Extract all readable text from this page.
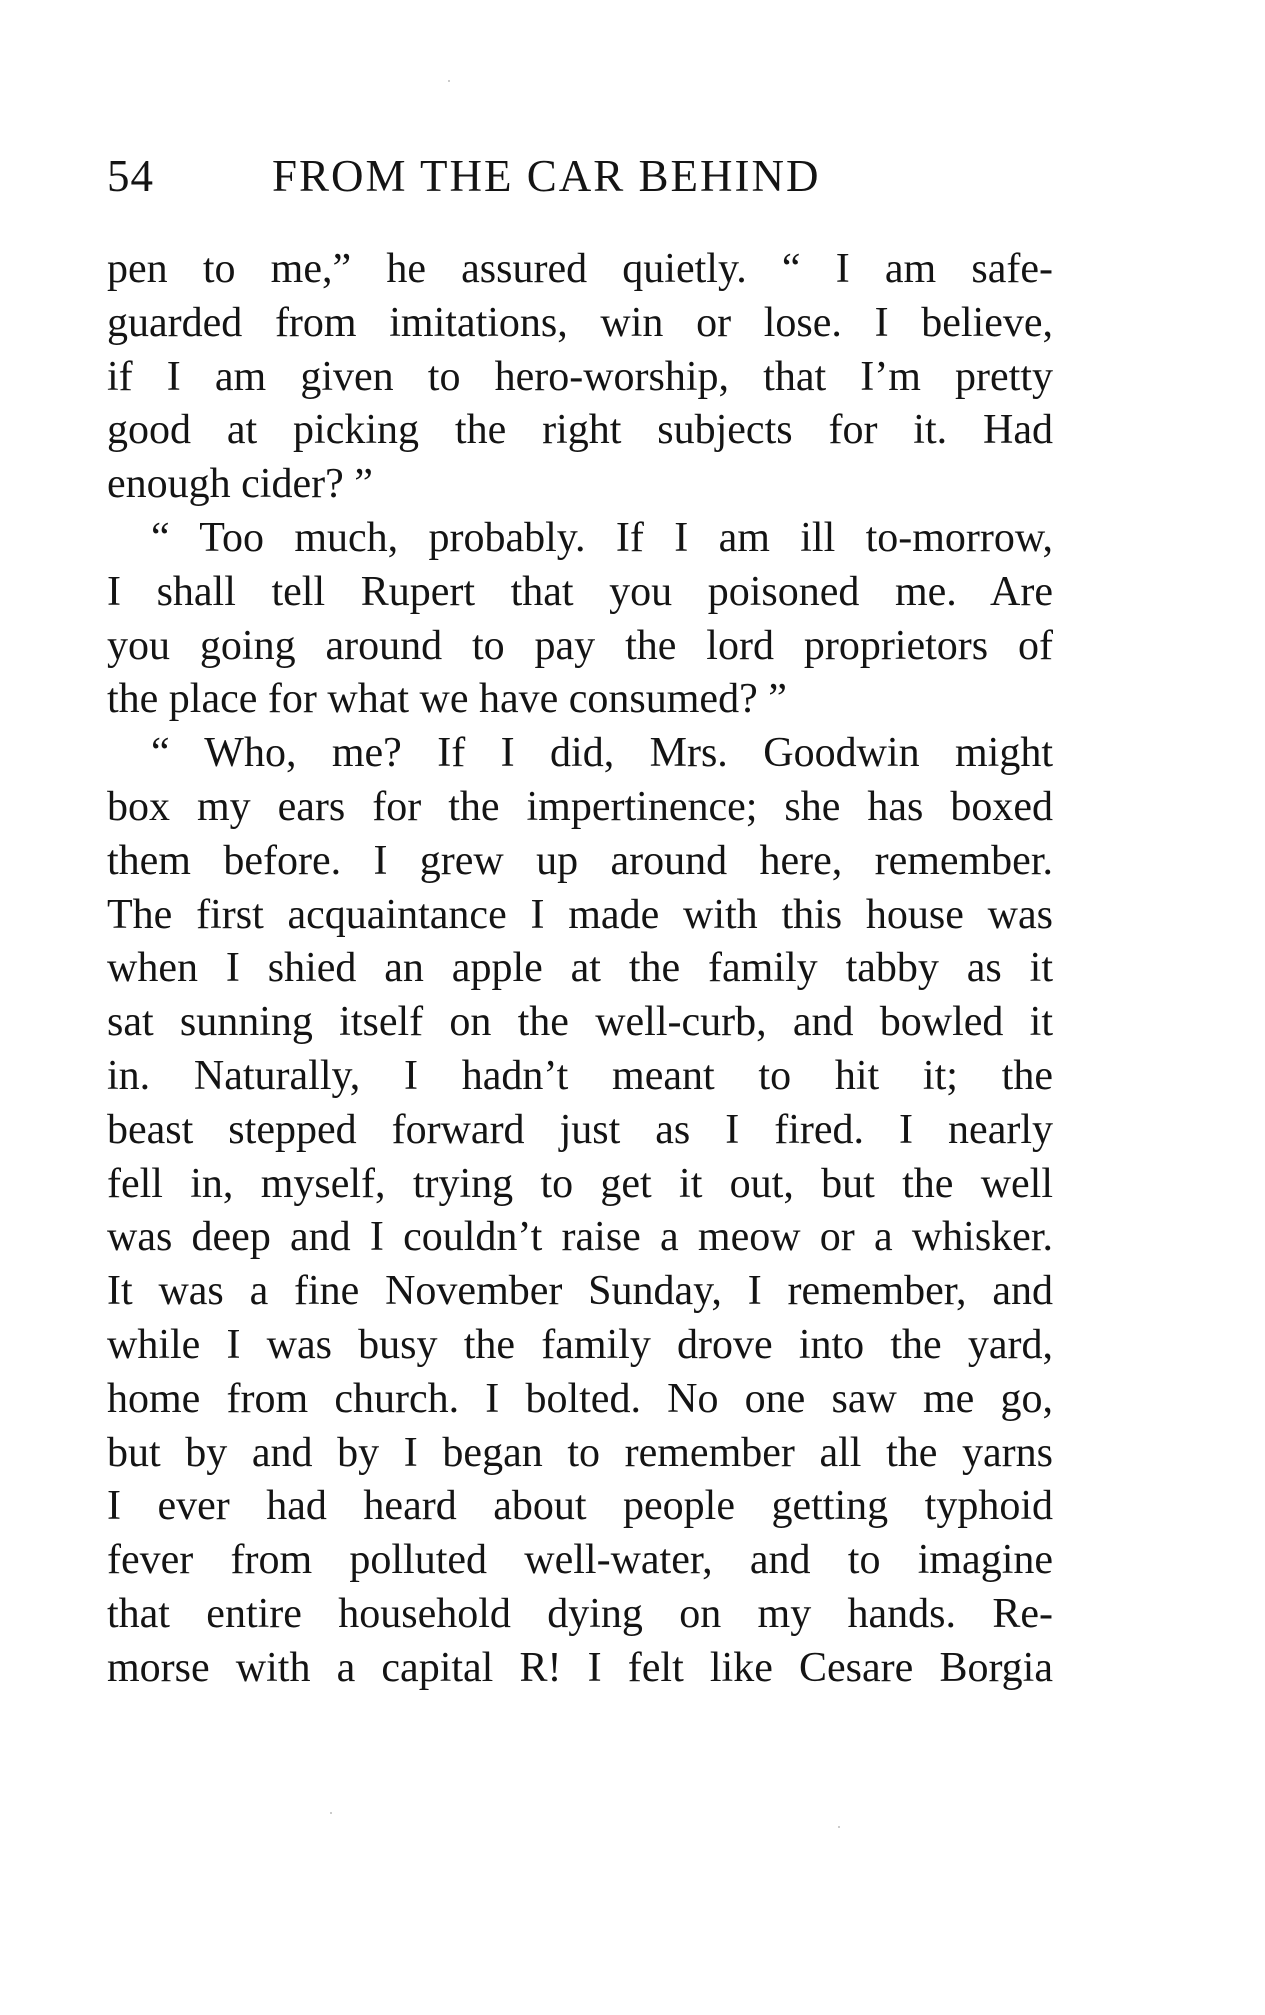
54	FROM THE CAR BEHIND
pen to me,” he assured quietly. “ I am safe-
guarded from imitations, win or lose. I believe,
if I am given to hero-worship, that I’m pretty
good at picking the right subjects for it. Had
enough cider? ”
“ Too much, probably. If I am ill to-morrow,
I shall tell Rupert that you poisoned me. Are
you going around to pay the lord proprietors of
the place for what we have consumed? ”
“ Who, me? If I did, Mrs. Goodwin might
box my ears for the impertinence; she has boxed
them before. I grew up around here, remember.
The first acquaintance I made with this house was
when I shied an apple at the family tabby as it
sat sunning itself on the well-curb, and bowled it
in. Naturally, I hadn’t meant to hit it; the
beast stepped forward just as I fired. I nearly
fell in, myself, trying to get it out, but the well
was deep and I couldn’t raise a meow or a whisker.
It was a fine November Sunday, I remember, and
while I was busy the family drove into the yard,
home from church. I bolted. No one saw me go,
but by and by I began to remember all the yarns
I ever had heard about people getting typhoid
fever from polluted well-water, and to imagine
that entire household dying on my hands. Re-
morse with a capital R! I felt like Cesare Borgia
